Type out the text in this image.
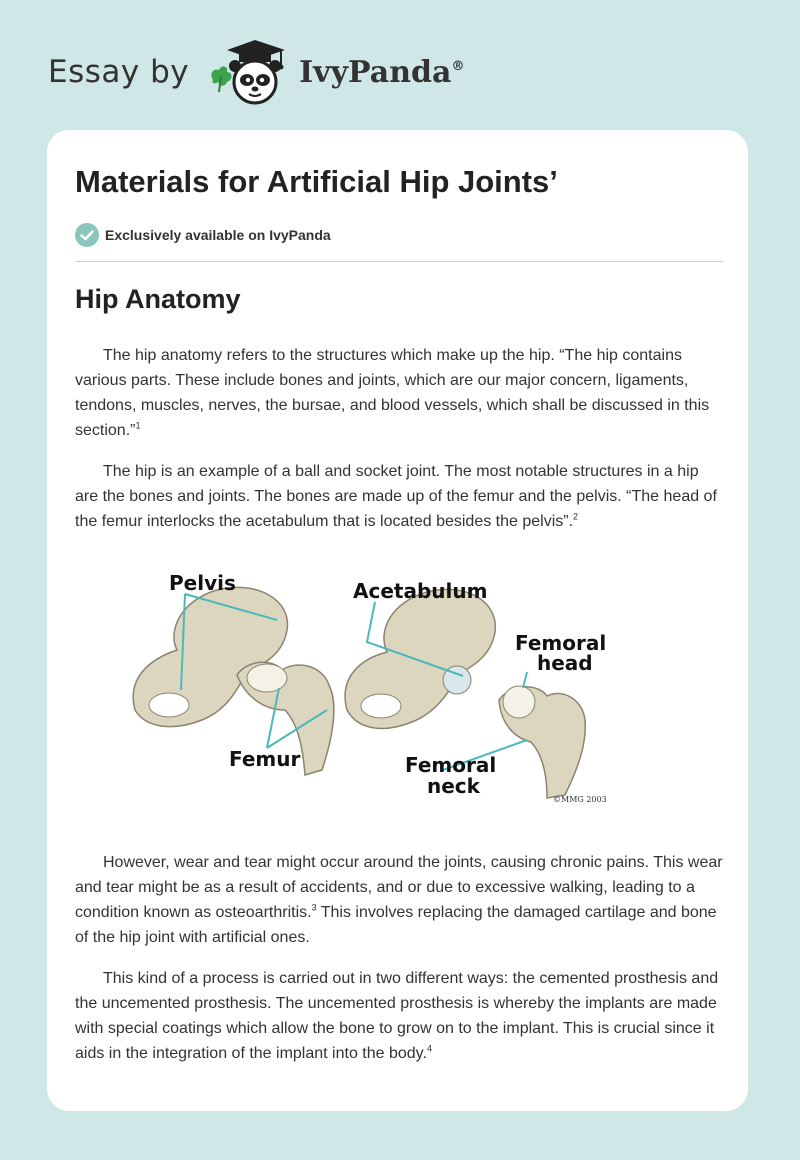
Essay by	IvyPanda®
Materials for Artificial Hip Joints’
Exclusively available on IvyPanda
Hip Anatomy

The hip anatomy refers to the structures which make up the hip. “The hip contains various parts. These include bones and joints, which are our major concern, ligaments, tendons, muscles, nerves, the bursae, and blood vessels, which shall be discussed in this section.”$^1$

The hip is an example of a ball and socket joint. The most notable structures in a hip are the bones and joints. The bones are made up of the femur and the pelvis. “The head of the femur interlocks the acetabulum that is located besides the pelvis”.$^2$

Pelvis	Acetabulum
Femoral
head
Femur	Femoral
neck
©MMG 2003

However, wear and tear might occur around the joints, causing chronic pains. This wear and tear might be as a result of accidents, and or due to excessive walking, leading to a condition known as osteoarthritis.$^3$ This involves replacing the damaged cartilage and bone of the hip joint with artificial ones.

This kind of a process is carried out in two different ways: the cemented prosthesis and the uncemented prosthesis. The uncemented prosthesis is whereby the implants are made with special coatings which allow the bone to grow on to the implant. This is crucial since it aids in the integration of the implant into the body.$^4$
